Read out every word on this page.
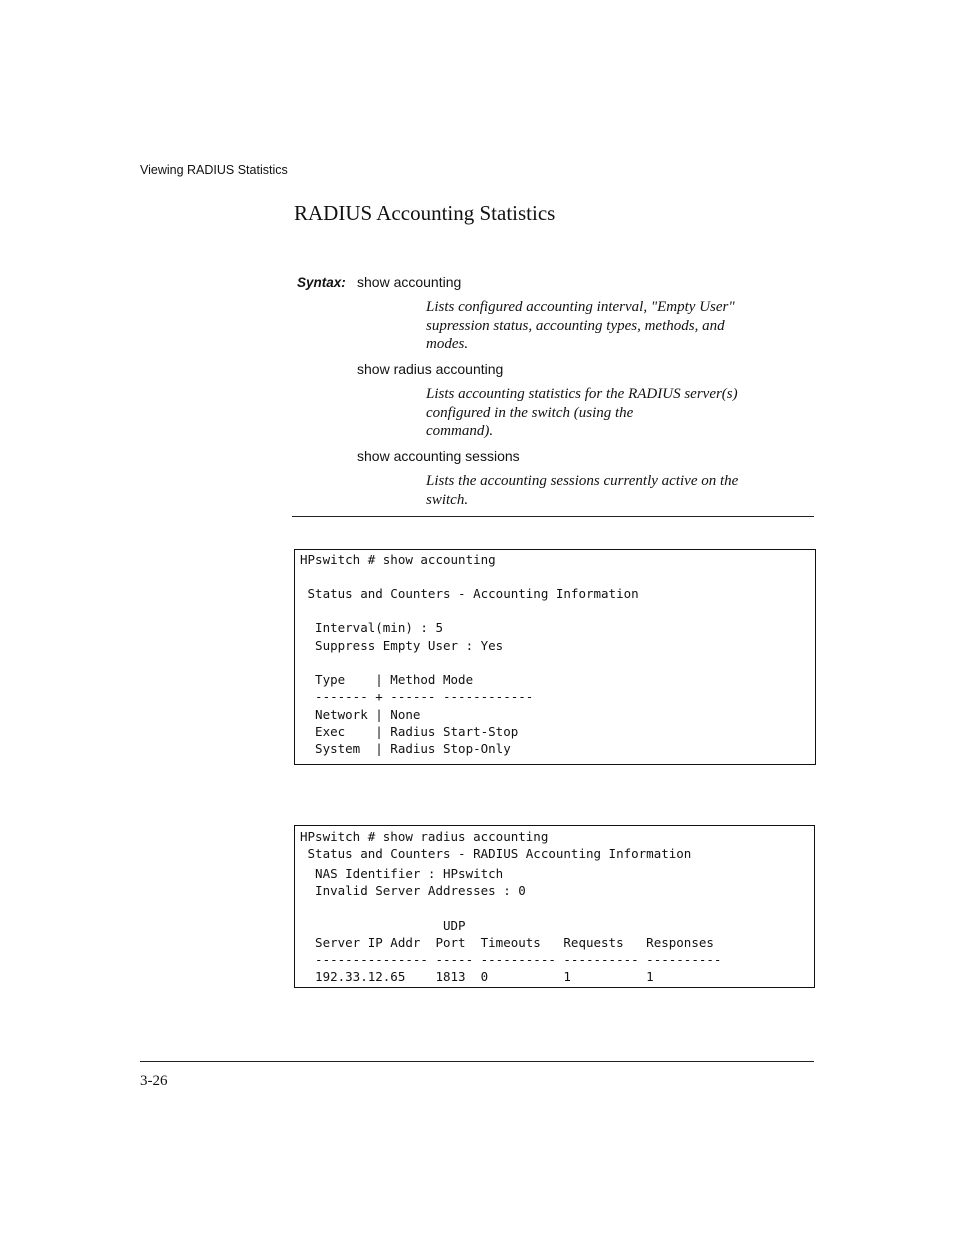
Viewing RADIUS Statistics
RADIUS Accounting Statistics
Syntax: show accounting
Lists configured accounting interval, "Empty User"
supression status, accounting types, methods, and
modes.
show radius accounting
Lists accounting statistics for the RADIUS server(s)
configured in the switch (using the
command).
show accounting sessions
Lists the accounting sessions currently active on the
switch.
HPswitch # show accounting
Status and Counters - Accounting Information
Interval(min) : 5
Suppress Empty User : Yes
Type    | Method Mode
------- + ------ ------------
Network | None
Exec    | Radius Start-Stop
System  | Radius Stop-Only
HPswitch # show radius accounting
Status and Counters - RADIUS Accounting Information
NAS Identifier : HPswitch
Invalid Server Addresses : 0
UDP
Server IP Addr  Port  Timeouts   Requests   Responses
--------------- ----- ---------- ---------- ----------
192.33.12.65    1813  0          1          1
3-26
